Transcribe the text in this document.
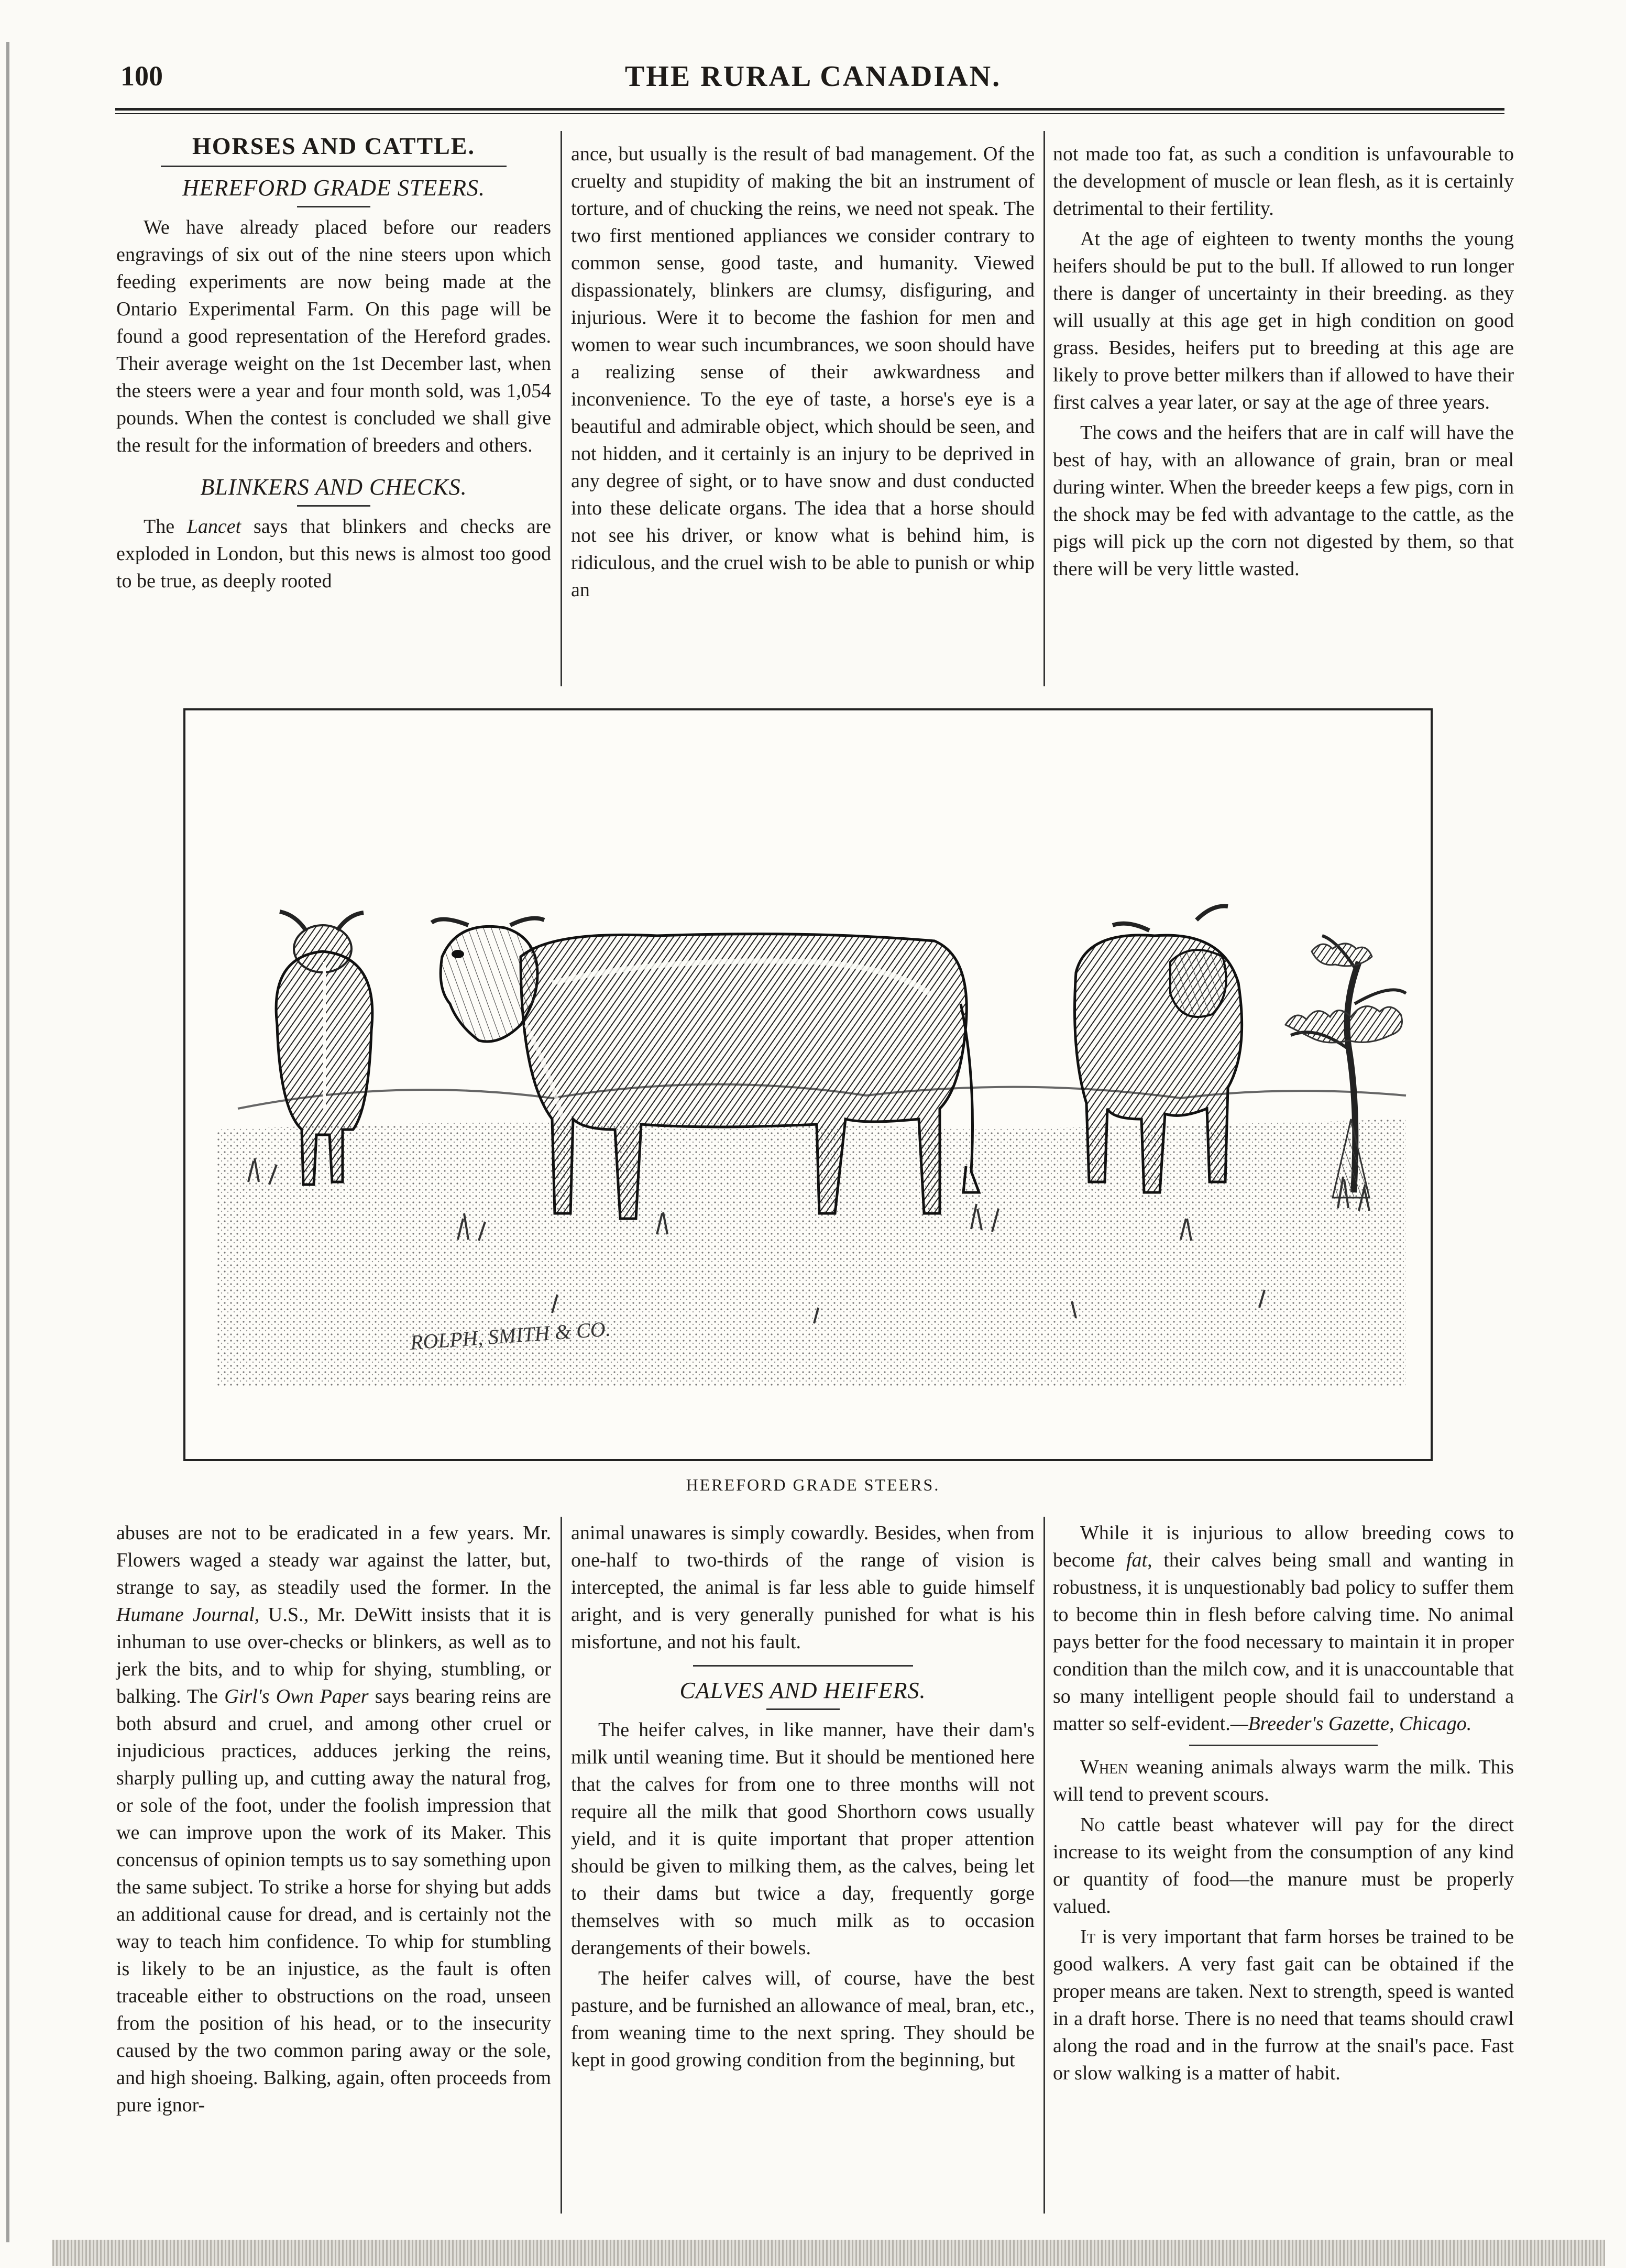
100	THE RURAL CANADIAN.
HORSES AND CATTLE.
HEREFORD GRADE STEERS.

We have already placed before our readers engravings of six out of the nine steers upon which feeding experiments are now being made at the Ontario Experimental Farm. On this page will be found a good representation of the Hereford grades. Their average weight on the 1st December last, when the steers were a year and four month sold, was 1,054 pounds. When the contest is concluded we shall give the result for the information of breeders and others.

BLINKERS AND CHECKS.

The Lancet says that blinkers and checks are exploded in London, but this news is almost too good to be true, as deeply rooted

ance, but usually is the result of bad management. Of the cruelty and stupidity of making the bit an instrument of torture, and of chucking the reins, we need not speak. The two first mentioned appliances we consider contrary to common sense, good taste, and humanity. Viewed dispassionately, blinkers are clumsy, disfiguring, and injurious. Were it to become the fashion for men and women to wear such incumbrances, we soon should have a realizing sense of their awkwardness and inconvenience. To the eye of taste, a horse's eye is a beautiful and admirable object, which should be seen, and not hidden, and it certainly is an injury to be deprived in any degree of sight, or to have snow and dust conducted into these delicate organs. The idea that a horse should not see his driver, or know what is behind him, is ridiculous, and the cruel wish to be able to punish or whip an

not made too fat, as such a condition is unfavourable to the development of muscle or lean flesh, as it is certainly detrimental to their fertility.

At the age of eighteen to twenty months the young heifers should be put to the bull. If allowed to run longer there is danger of uncertainty in their breeding. as they will usually at this age get in high condition on good grass. Besides, heifers put to breeding at this age are likely to prove better milkers than if allowed to have their first calves a year later, or say at the age of three years.

The cows and the heifers that are in calf will have the best of hay, with an allowance of grain, bran or meal during winter. When the breeder keeps a few pigs, corn in the shock may be fed with advantage to the cattle, as the pigs will pick up the corn not digested by them, so that there will be very little wasted.

ROLPH, SMITH & CO.
HEREFORD GRADE STEERS.

abuses are not to be eradicated in a few years. Mr. Flowers waged a steady war against the latter, but, strange to say, as steadily used the former. In the Humane Journal, U.S., Mr. DeWitt insists that it is inhuman to use over-checks or blinkers, as well as to jerk the bits, and to whip for shying, stumbling, or balking. The Girl's Own Paper says bearing reins are both absurd and cruel, and among other cruel or injudicious practices, adduces jerking the reins, sharply pulling up, and cutting away the natural frog, or sole of the foot, under the foolish impression that we can improve upon the work of its Maker. This concensus of opinion tempts us to say something upon the same subject. To strike a horse for shying but adds an additional cause for dread, and is certainly not the way to teach him confidence. To whip for stumbling is likely to be an injustice, as the fault is often traceable either to obstructions on the road, unseen from the position of his head, or to the insecurity caused by the two common paring away or the sole, and high shoeing. Balking, again, often proceeds from pure ignor-

animal unawares is simply cowardly. Besides, when from one-half to two-thirds of the range of vision is intercepted, the animal is far less able to guide himself aright, and is very generally punished for what is his misfortune, and not his fault.

CALVES AND HEIFERS.

The heifer calves, in like manner, have their dam's milk until weaning time. But it should be mentioned here that the calves for from one to three months will not require all the milk that good Shorthorn cows usually yield, and it is quite important that proper attention should be given to milking them, as the calves, being let to their dams but twice a day, frequently gorge themselves with so much milk as to occasion derangements of their bowels.

The heifer calves will, of course, have the best pasture, and be furnished an allowance of meal, bran, etc., from weaning time to the next spring. They should be kept in good growing condition from the beginning, but

While it is injurious to allow breeding cows to become fat, their calves being small and wanting in robustness, it is unquestionably bad policy to suffer them to become thin in flesh before calving time. No animal pays better for the food necessary to maintain it in proper condition than the milch cow, and it is unaccountable that so many intelligent people should fail to understand a matter so self-evident.—Breeder's Gazette, Chicago.

When weaning animals always warm the milk. This will tend to prevent scours.

No cattle beast whatever will pay for the direct increase to its weight from the consumption of any kind or quantity of food—the manure must be properly valued.

It is very important that farm horses be trained to be good walkers. A very fast gait can be obtained if the proper means are taken. Next to strength, speed is wanted in a draft horse. There is no need that teams should crawl along the road and in the furrow at the snail's pace. Fast or slow walking is a matter of habit.
